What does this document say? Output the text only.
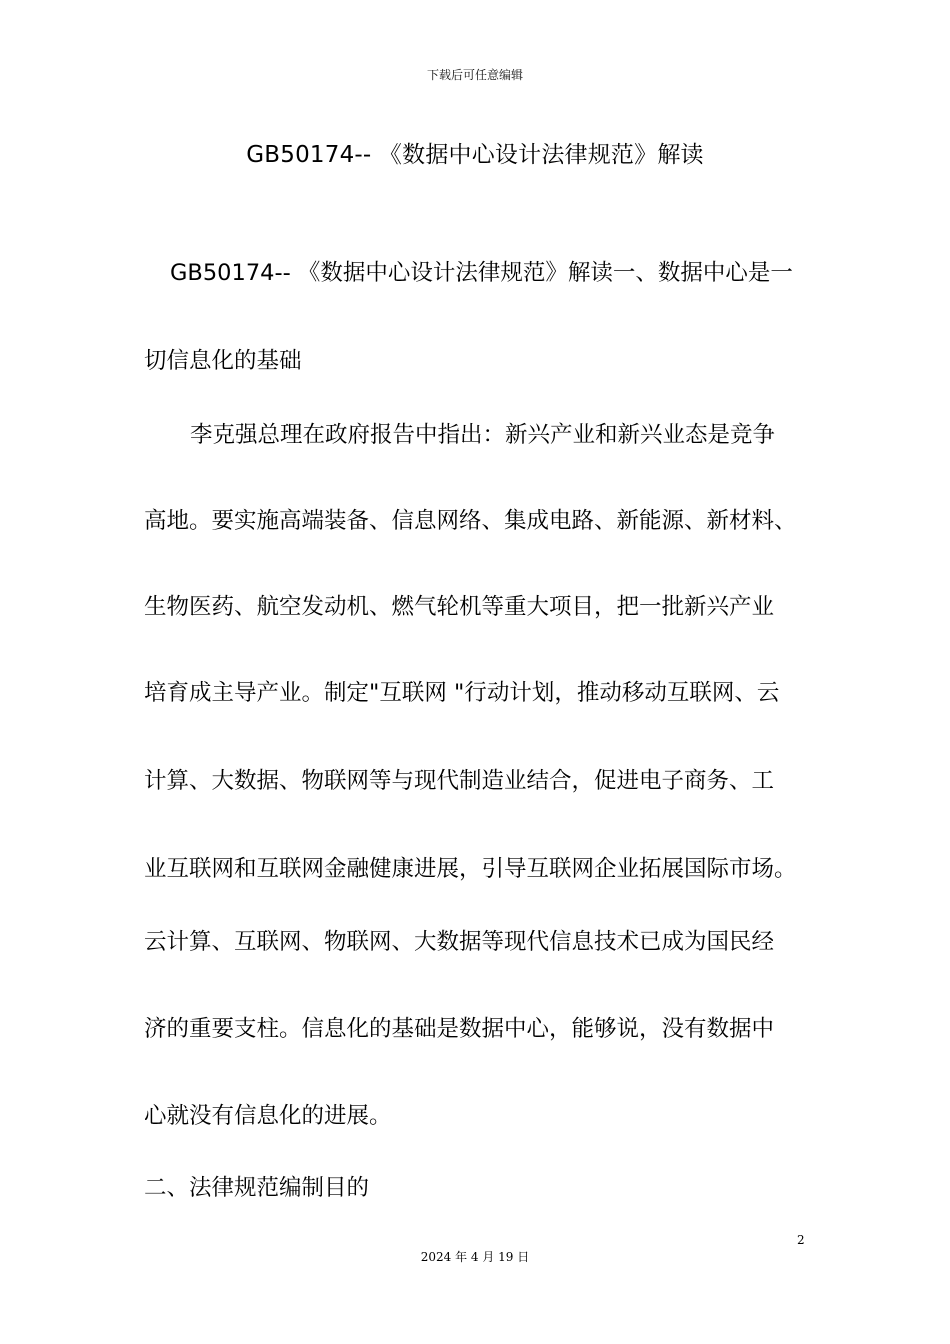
下载后可任意编辑
GB50174-- 《数据中心设计法律规范》解读
GB50174-- 《数据中心设计法律规范》解读一、数据中心是一
切信息化的基础
李克强总理在政府报告中指出：新兴产业和新兴业态是竞争
高地。要实施高端装备、信息网络、集成电路、新能源、新材料、
生物医药、航空发动机、燃气轮机等重大项目，把一批新兴产业
培育成主导产业。制定"互联网 "行动计划，推动移动互联网、云
计算、大数据、物联网等与现代制造业结合，促进电子商务、工
业互联网和互联网金融健康进展，引导互联网企业拓展国际市场。
云计算、互联网、物联网、大数据等现代信息技术已成为国民经
济的重要支柱。信息化的基础是数据中心，能够说，没有数据中
心就没有信息化的进展。
二、法律规范编制目的
2
2024 年 4 月 19 日
